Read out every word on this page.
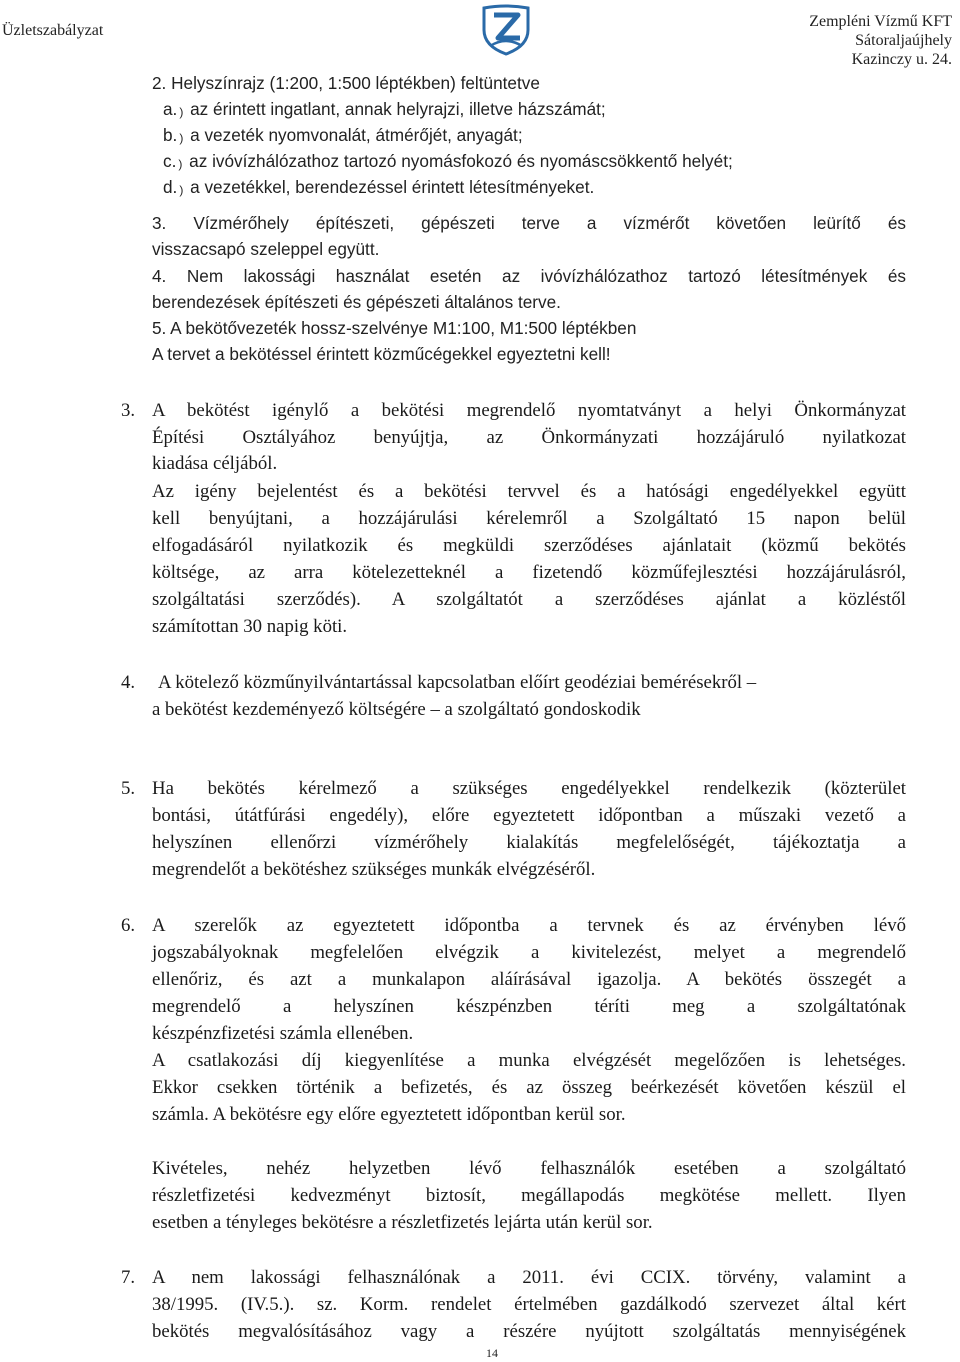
Üzletszabályzat
Zempléni Vízmű KFT
Sátoraljaújhely
Kazinczy u. 24.
2. Helyszínrajz (1:200, 1:500 léptékben) feltüntetve
a. ) az érintett ingatlant, annak helyrajzi, illetve házszámát;
b. ) a vezeték nyomvonalát, átmérőjét, anyagát;
c. ) az ivóvízhálózathoz tartozó nyomásfokozó és nyomáscsökkentő helyét;
d. ) a vezetékkel, berendezéssel érintett létesítményeket.
3. Vízmérőhely építészeti, gépészeti terve a vízmérőt követően leürítő és
visszacsapó szeleppel együtt.
4. Nem lakossági használat esetén az ivóvízhálózathoz tartozó létesítmények és
berendezések építészeti és gépészeti általános terve.
5. A bekötővezeték hossz-szelvénye M1:100, M1:500 léptékben
A tervet a bekötéssel érintett közműcégekkel egyeztetni kell!
3. A bekötést igénylő a bekötési megrendelő nyomtatványt a helyi Önkormányzat
Építési Osztályához benyújtja, az Önkormányzati hozzájáruló nyilatkozat
kiadása céljából.
Az igény bejelentést és a bekötési tervvel és a hatósági engedélyekkel együtt
kell benyújtani, a hozzájárulási kérelemről a Szolgáltató 15 napon belül
elfogadásáról nyilatkozik és megküldi szerződéses ajánlatait (közmű bekötés
költsége, az arra kötelezetteknél a fizetendő közműfejlesztési hozzájárulásról,
szolgáltatási szerződés). A szolgáltatót a szerződéses ajánlat a közléstől
számítottan 30 napig köti.
4. A kötelező közműnyilvántartással kapcsolatban előírt geodéziai bemérésekről –
a bekötést kezdeményező költségére – a szolgáltató gondoskodik
5. Ha bekötés kérelmező a szükséges engedélyekkel rendelkezik (közterület
bontási, útátfúrási engedély), előre egyeztetett időpontban a műszaki vezető a
helyszínen ellenőrzi vízmérőhely kialakítás megfelelőségét, tájékoztatja a
megrendelőt a bekötéshez szükséges munkák elvégzéséről.
6. A szerelők az egyeztetett időpontba a tervnek és az érvényben lévő
jogszabályoknak megfelelően elvégzik a kivitelezést, melyet a megrendelő
ellenőriz, és azt a munkalapon aláírásával igazolja. A bekötés összegét a
megrendelő a helyszínen készpénzben téríti meg a szolgáltatónak
készpénzfizetési számla ellenében.
A csatlakozási díj kiegyenlítése a munka elvégzését megelőzően is lehetséges.
Ekkor csekken történik a befizetés, és az összeg beérkezését követően készül el
számla. A bekötésre egy előre egyeztetett időpontban kerül sor.
Kivételes, nehéz helyzetben lévő felhasználók esetében a szolgáltató
részletfizetési kedvezményt biztosít, megállapodás megkötése mellett. Ilyen
esetben a tényleges bekötésre a részletfizetés lejárta után kerül sor.
7. A nem lakossági felhasználónak a 2011. évi CCIX. törvény, valamint a
38/1995. (IV.5.). sz. Korm. rendelet értelmében gazdálkodó szervezet által kért
bekötés megvalósításához vagy a részére nyújtott szolgáltatás mennyiségének
14
